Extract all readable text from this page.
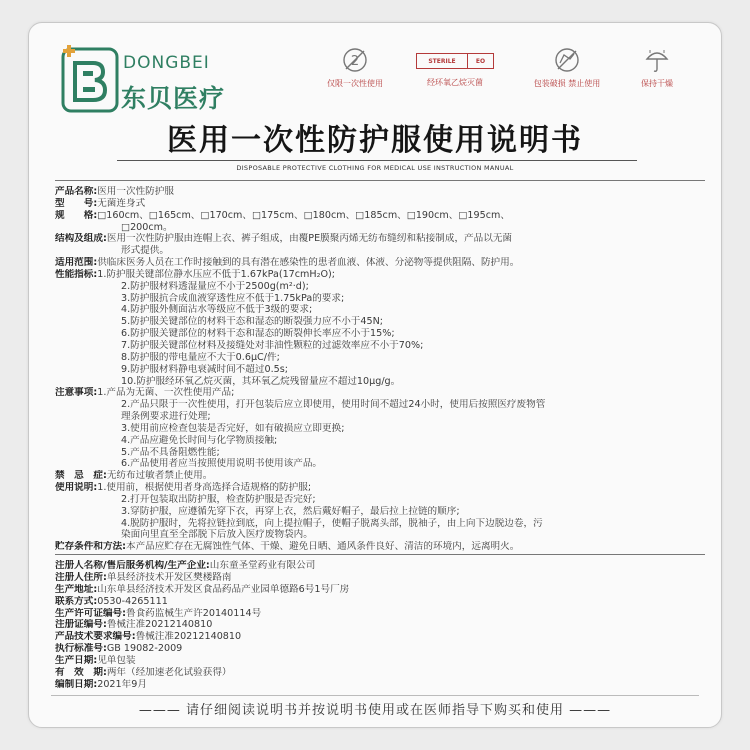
DONGBEI
东贝医疗
2
仅限一次性使用
STERILE	EO
经环氧乙烷灭菌	包装破损 禁止使用	保持干燥
医用一次性防护服使用说明书
DISPOSABLE PROTECTIVE CLOTHING FOR MEDICAL USE INSTRUCTION MANUAL
产品名称:医用一次性防护服
型　　号:无菌连身式
规　　格:□160cm、□165cm、□170cm、□175cm、□180cm、□185cm、□190cm、□195cm、
□200cm。
结构及组成:医用一次性防护服由连帽上衣、裤子组成，由覆PE膜聚丙烯无纺布缝纫和粘接制成，产品以无菌
形式提供。
适用范围:供临床医务人员在工作时接触到的具有潜在感染性的患者血液、体液、分泌物等提供阻隔、防护用。
性能指标:1.防护服关键部位静水压应不低于1.67kPa(17cmH₂O);
2.防护服材料透湿量应不小于2500g(m²·d);
3.防护服抗合成血液穿透性应不低于1.75kPa的要求;
4.防护服外侧面沾水等级应不低于3级的要求;
5.防护服关键部位的材料干态和湿态的断裂强力应不小于45N;
6.防护服关键部位的材料干态和湿态的断裂伸长率应不小于15%;
7.防护服关键部位材料及接缝处对非油性颗粒的过滤效率应不小于70%;
8.防护服的带电量应不大于0.6μC/件;
9.防护服材料静电衰减时间不超过0.5s;
10.防护服经环氧乙烷灭菌，其环氧乙烷残留量应不超过10μg/g。
注意事项:1.产品为无菌、一次性使用产品;
2.产品只限于一次性使用，打开包装后应立即使用，使用时间不超过24小时，使用后按照医疗废物管
理条例要求进行处理;
3.使用前应检查包装是否完好，如有破损应立即更换;
4.产品应避免长时间与化学物质接触;
5.产品不具备阻燃性能;
6.产品使用者应当按照使用说明书使用该产品。
禁　忌　症:无纺布过敏者禁止使用。
使用说明:1.使用前，根据使用者身高选择合适规格的防护服;
2.打开包装取出防护服，检查防护服是否完好;
3.穿防护服，应遵循先穿下衣，再穿上衣，然后戴好帽子，最后拉上拉链的顺序;
4.脱防护服时，先将拉链拉到底，向上提拉帽子，使帽子脱离头部，脱袖子，由上向下边脱边卷，污
染面向里直至全部脱下后放入医疗废物袋内。
贮存条件和方法:本产品应贮存在无腐蚀性气体、干燥、避免日晒、通风条件良好、清洁的环境内，远离明火。
注册人名称/售后服务机构/生产企业:山东童圣堂药业有限公司
注册人住所:单县经济技术开发区樊楼路南
生产地址:山东单县经济技术开发区食品药品产业园单德路6号1号厂房
联系方式:0530-4265111
生产许可证编号:鲁食药监械生产许20140114号
注册证编号:鲁械注准20212140810
产品技术要求编号:鲁械注准20212140810
执行标准号:GB 19082-2009
生产日期:见单包装
有　效　期:两年（经加速老化试验获得）
编制日期:2021年9月
——— 请仔细阅读说明书并按说明书使用或在医师指导下购买和使用 ———
